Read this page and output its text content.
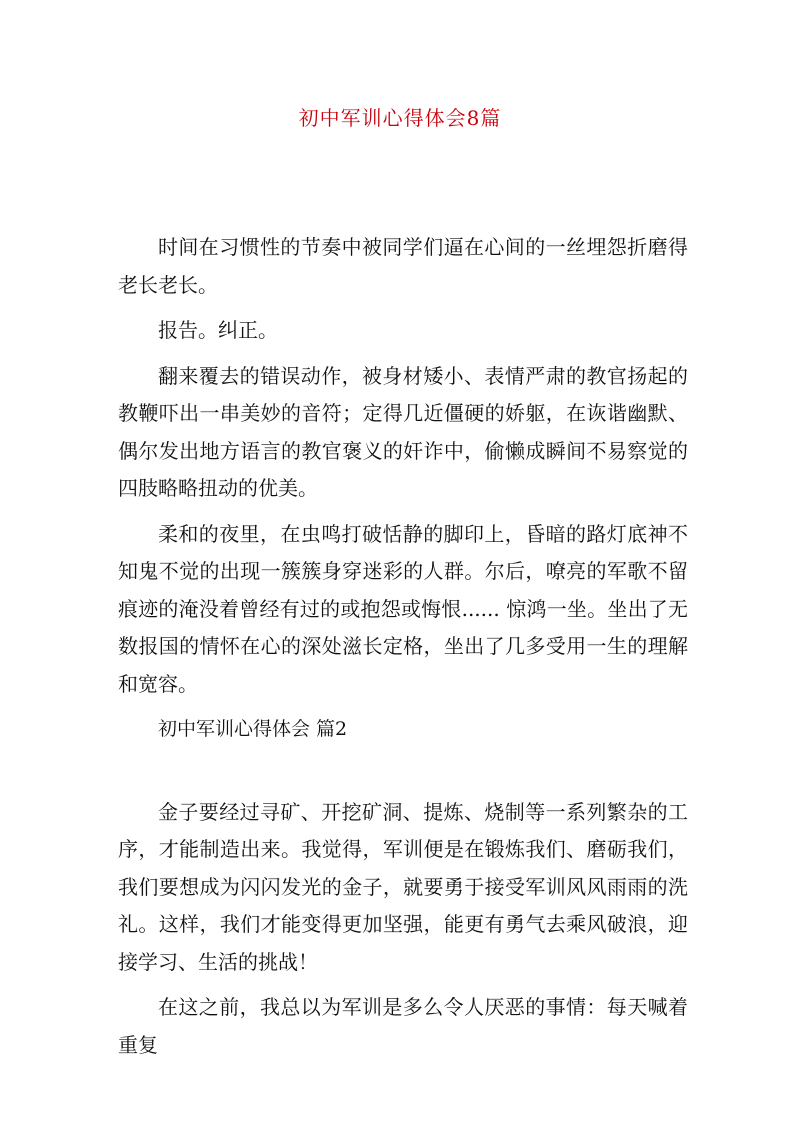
初中军训心得体会8篇

时间在习惯性的节奏中被同学们逼在心间的一丝埋怨折磨得老长老长。

报告。纠正。

翻来覆去的错误动作，被身材矮小、表情严肃的教官扬起的教鞭吓出一串美妙的音符；定得几近僵硬的娇躯，在诙谐幽默、偶尔发出地方语言的教官褒义的奸诈中，偷懒成瞬间不易察觉的四肢略略扭动的优美。

柔和的夜里，在虫鸣打破恬静的脚印上，昏暗的路灯底神不知鬼不觉的出现一簇簇身穿迷彩的人群。尔后，嘹亮的军歌不留痕迹的淹没着曾经有过的或抱怨或悔恨...... 惊鸿一坐。坐出了无数报国的情怀在心的深处滋长定格，坐出了几多受用一生的理解和宽容。

初中军训心得体会 篇2

金子要经过寻矿、开挖矿洞、提炼、烧制等一系列繁杂的工序，才能制造出来。我觉得，军训便是在锻炼我们、磨砺我们，我们要想成为闪闪发光的金子，就要勇于接受军训风风雨雨的洗礼。这样，我们才能变得更加坚强，能更有勇气去乘风破浪，迎接学习、生活的挑战！

在这之前，我总以为军训是多么令人厌恶的事情：每天喊着重复
